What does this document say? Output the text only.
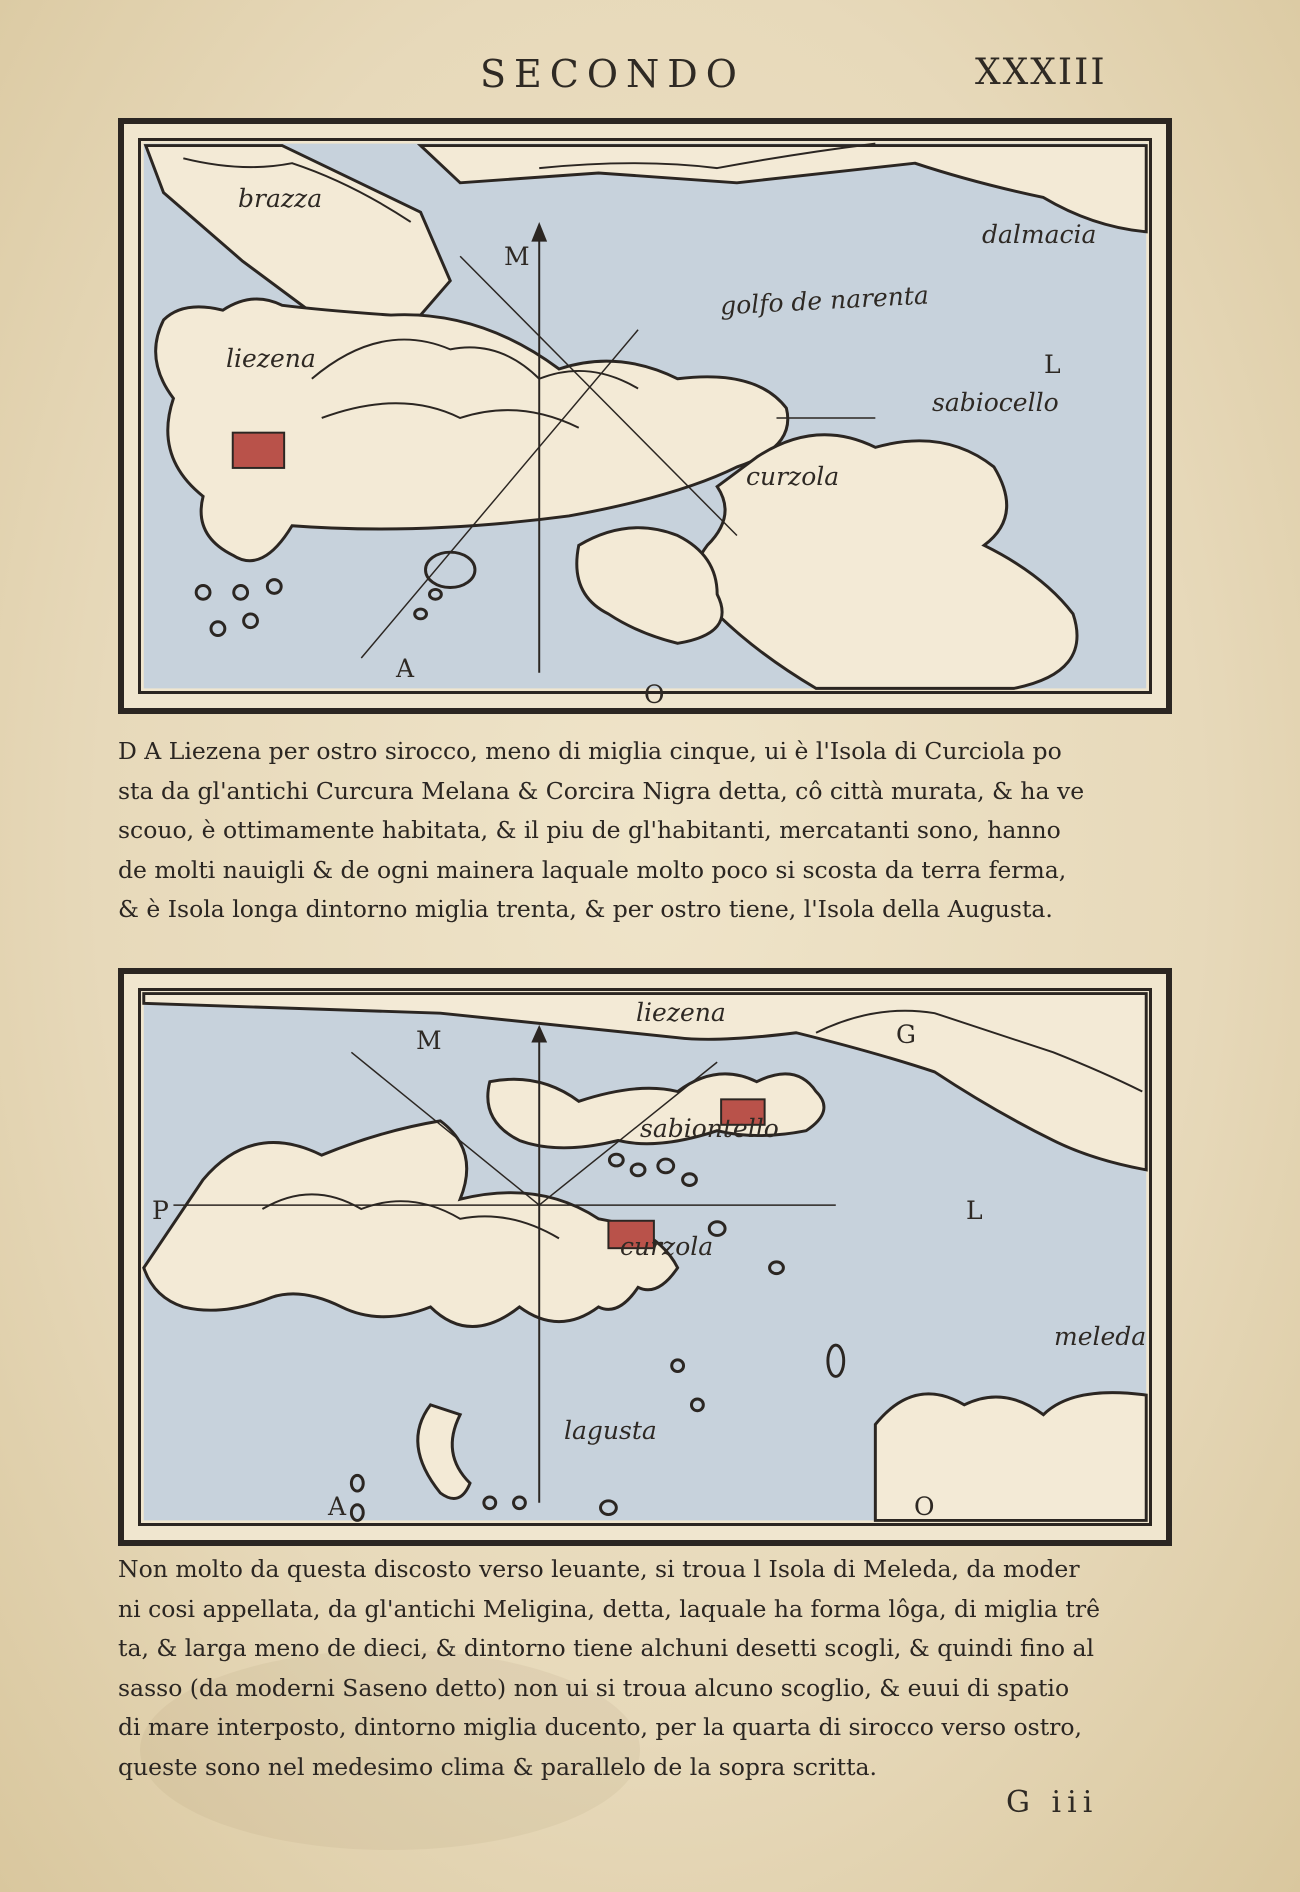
SECONDO	XXXIII
brazza
dalmacia
golfo de narenta
liezena
sabiocello
curzola
M
L
O
A

D A Liezena per ostro sirocco, meno di miglia cinque, ui è l'Isola di Curciola po

sta da gl'antichi Curcura Melana & Corcira Nigra detta, cô città murata, & ha ve

scouo, è ottimamente habitata, & il piu de gl'habitanti, mercatanti sono, hanno

de molti nauigli & de ogni mainera laquale molto poco si scosta da terra ferma,

& è Isola longa dintorno miglia trenta, & per ostro tiene, l'Isola della Augusta.

liezena
sabiontello
curzola
meleda
lagusta
M	G
P	L
A	O

Non molto da questa discosto verso leuante, si troua l Isola di Meleda, da moder

ni cosi appellata, da gl'antichi Meligina, detta, laquale ha forma lôga, di miglia trê

ta, & larga meno de dieci, & dintorno tiene alchuni desetti scogli, & quindi fino al

sasso (da moderni Saseno detto) non ui si troua alcuno scoglio, & euui di spatio

di mare interposto, dintorno miglia ducento, per la quarta di sirocco verso ostro,

queste sono nel medesimo clima & parallelo de la sopra scritta.

G iii
